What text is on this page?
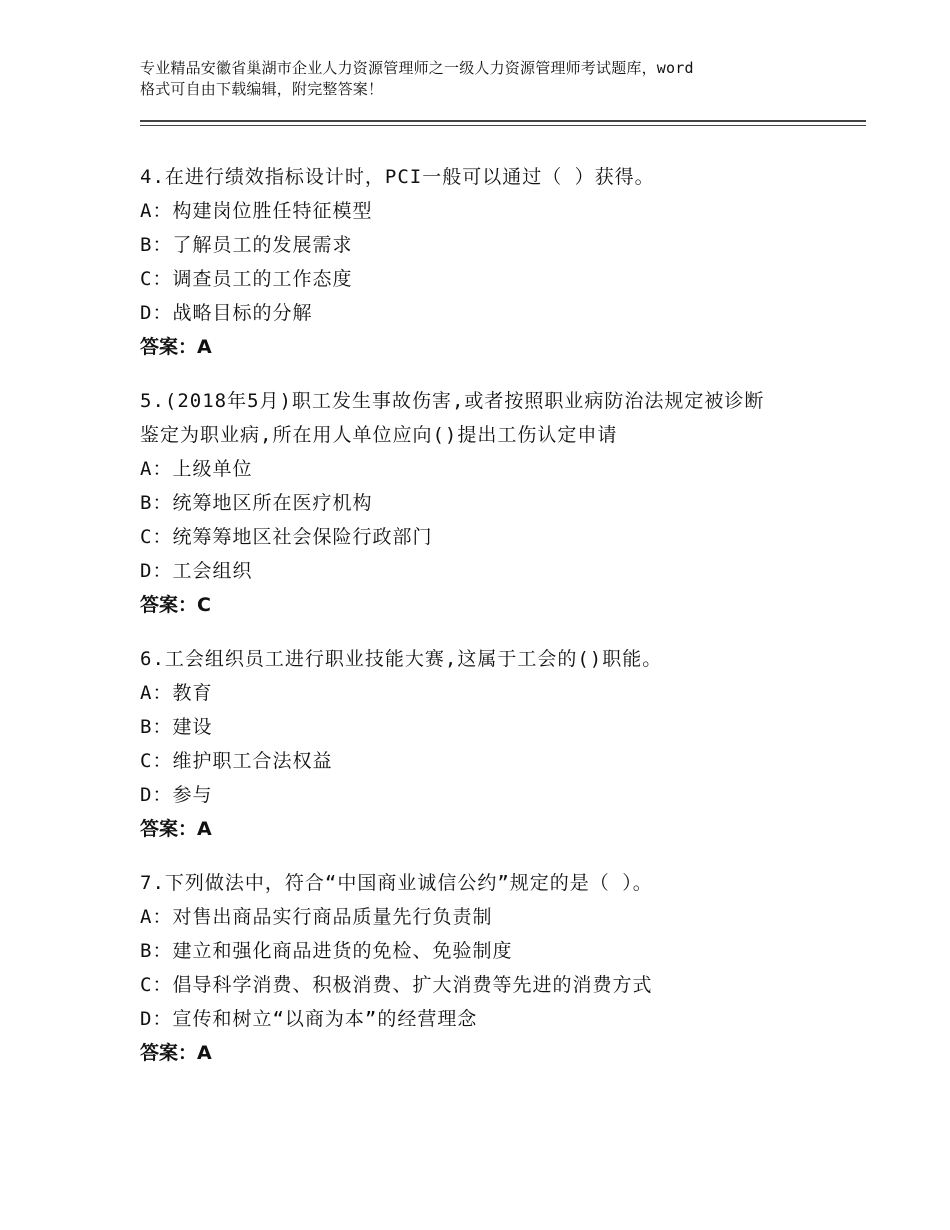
专业精品安徽省巢湖市企业人力资源管理师之一级人力资源管理师考试题库，word
格式可自由下载编辑，附完整答案！
4.在进行绩效指标设计时，PCI一般可以通过（ ）获得。
A：构建岗位胜任特征模型
B：了解员工的发展需求
C：调查员工的工作态度
D：战略目标的分解
答案：A
5.(2018年5月)职工发生事故伤害,或者按照职业病防治法规定被诊断
鉴定为职业病,所在用人单位应向()提出工伤认定申请
A：上级单位
B：统筹地区所在医疗机构
C：统筹筹地区社会保险行政部门
D：工会组织
答案：C
6.工会组织员工进行职业技能大赛,这属于工会的()职能。
A：教育
B：建设
C：维护职工合法权益
D：参与
答案：A
7.下列做法中，符合“中国商业诚信公约”规定的是（ ）。
A：对售出商品实行商品质量先行负责制
B：建立和强化商品进货的免检、免验制度
C：倡导科学消费、积极消费、扩大消费等先进的消费方式
D：宣传和树立“以商为本”的经营理念
答案：A
